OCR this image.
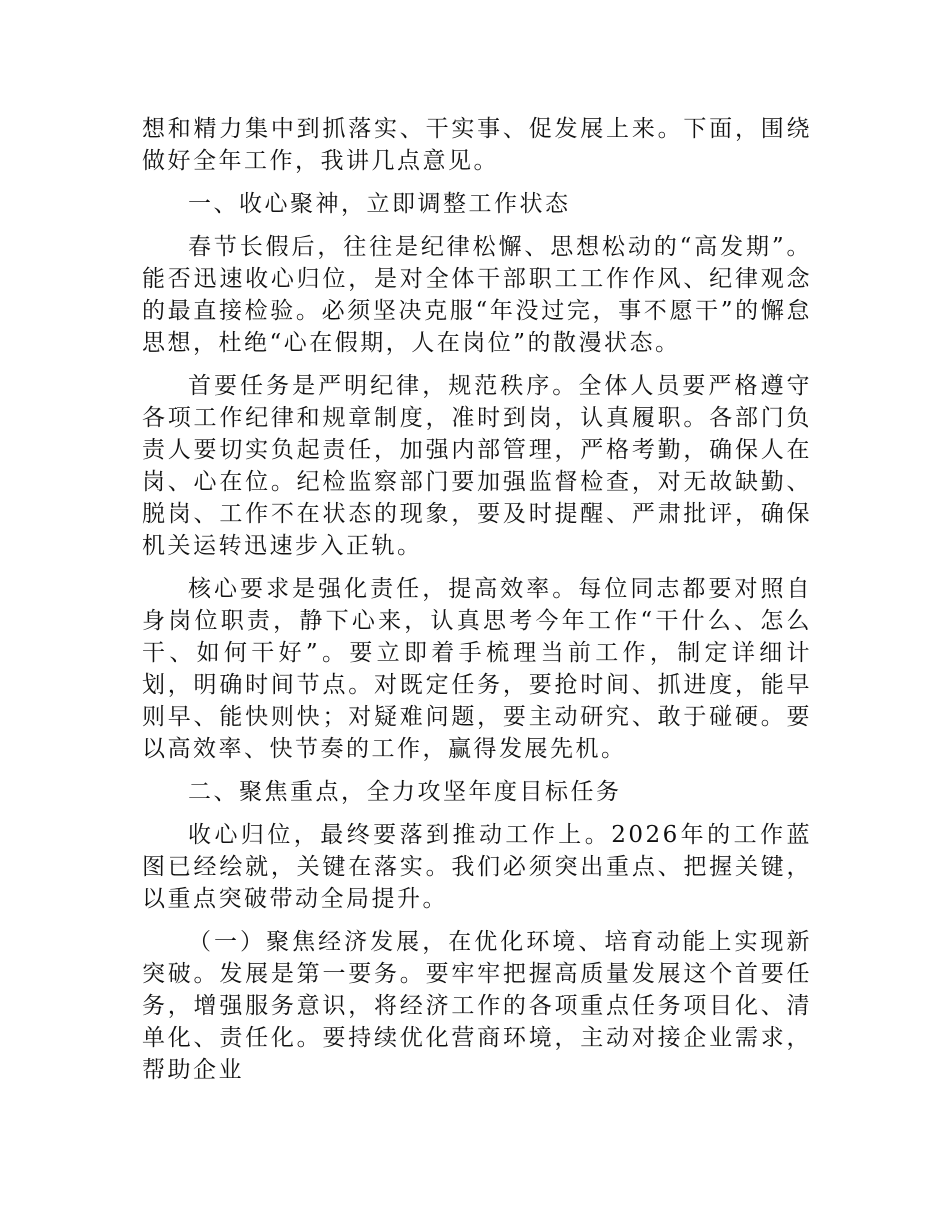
想和精力集中到抓落实、干实事、促发展上来。下面，围绕做好全年工作，我讲几点意见。

一、收心聚神，立即调整工作状态

春节长假后，往往是纪律松懈、思想松动的“高发期”。能否迅速收心归位，是对全体干部职工工作作风、纪律观念的最直接检验。必须坚决克服“年没过完，事不愿干”的懈怠思想，杜绝“心在假期，人在岗位”的散漫状态。

首要任务是严明纪律，规范秩序。全体人员要严格遵守各项工作纪律和规章制度，准时到岗，认真履职。各部门负责人要切实负起责任，加强内部管理，严格考勤，确保人在岗、心在位。纪检监察部门要加强监督检查，对无故缺勤、脱岗、工作不在状态的现象，要及时提醒、严肃批评，确保机关运转迅速步入正轨。

核心要求是强化责任，提高效率。每位同志都要对照自身岗位职责，静下心来，认真思考今年工作“干什么、怎么干、如何干好”。要立即着手梳理当前工作，制定详细计划，明确时间节点。对既定任务，要抢时间、抓进度，能早则早、能快则快；对疑难问题，要主动研究、敢于碰硬。要以高效率、快节奏的工作，赢得发展先机。

二、聚焦重点，全力攻坚年度目标任务

收心归位，最终要落到推动工作上。2026年的工作蓝图已经绘就，关键在落实。我们必须突出重点、把握关键，以重点突破带动全局提升。

（一）聚焦经济发展，在优化环境、培育动能上实现新突破。发展是第一要务。要牢牢把握高质量发展这个首要任务，增强服务意识，将经济工作的各项重点任务项目化、清单化、责任化。要持续优化营商环境，主动对接企业需求，帮助企业
